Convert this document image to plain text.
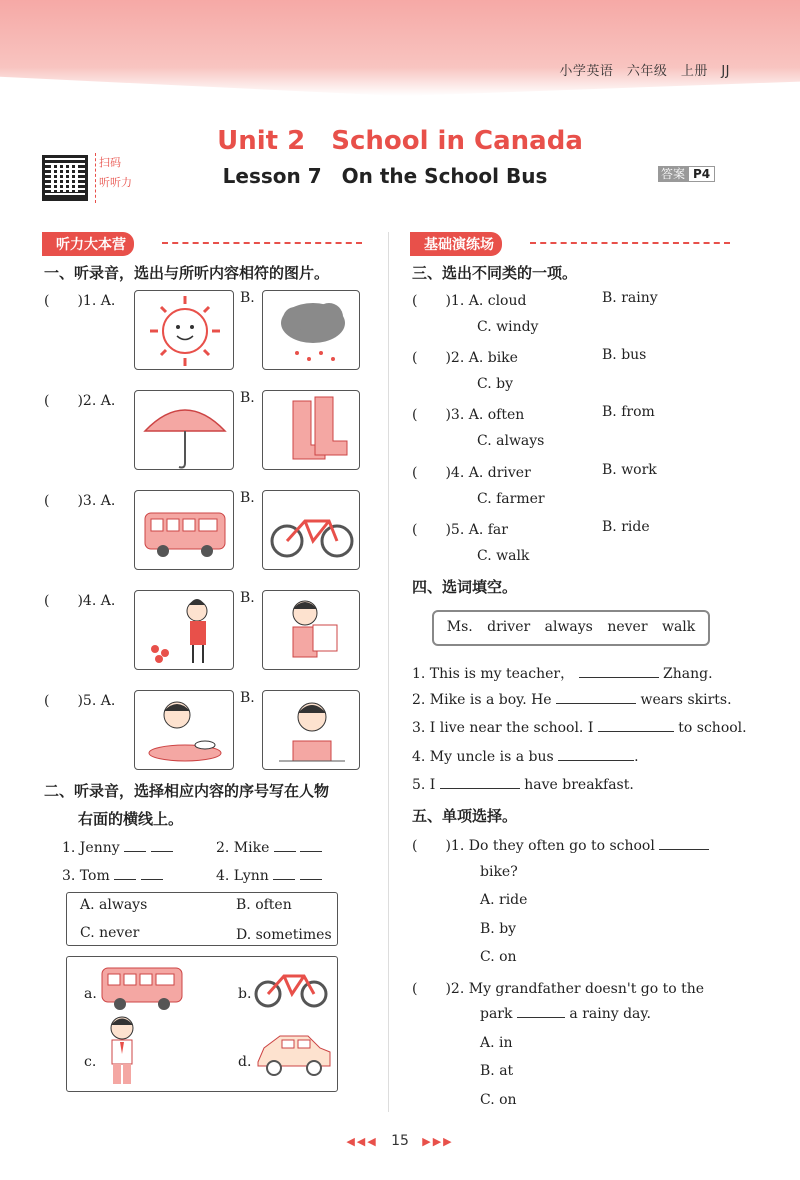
小学英语　六年级　上册　JJ
Unit 2　School in Canada
Lesson 7　On the School Bus
扫码
听听力
答案 P4
听力大本营
一、听录音，选出与所听内容相符的图片。
(　　)1. A.	B.
(　　)2. A.	B.
(　　)3. A.	B.
(　　)4. A.	B.
(　　)5. A.	B.
二、听录音，选择相应内容的序号写在人物
右面的横线上。
1. Jenny	2. Mike
3. Tom	4. Lynn
A. always	B. often
C. never	D. sometimes
a.	b.
c.	d.
基础演练场
三、选出不同类的一项。
(　　)1. A. cloud	B. rainy
C. windy
(　　)2. A. bike	B. bus
C. by
(　　)3. A. often	B. from
C. always
(　　)4. A. driver	B. work
C. farmer
(　　)5. A. far	B. ride
C. walk
四、选词填空。
Ms. driver always never walk
1. This is my teacher，	Zhang.
2. Mike is a boy. He	wears skirts.
3. I live near the school. I	to school.
4. My uncle is a bus	.
5. I	have breakfast.
五、单项选择。
(　　)1. Do they often go to school
bike?
A. ride
B. by
C. on
(　　)2. My grandfather doesn't go to the
park	a rainy day.
A. in
B. at
C. on
◀◀◀ 15 ▶▶▶
